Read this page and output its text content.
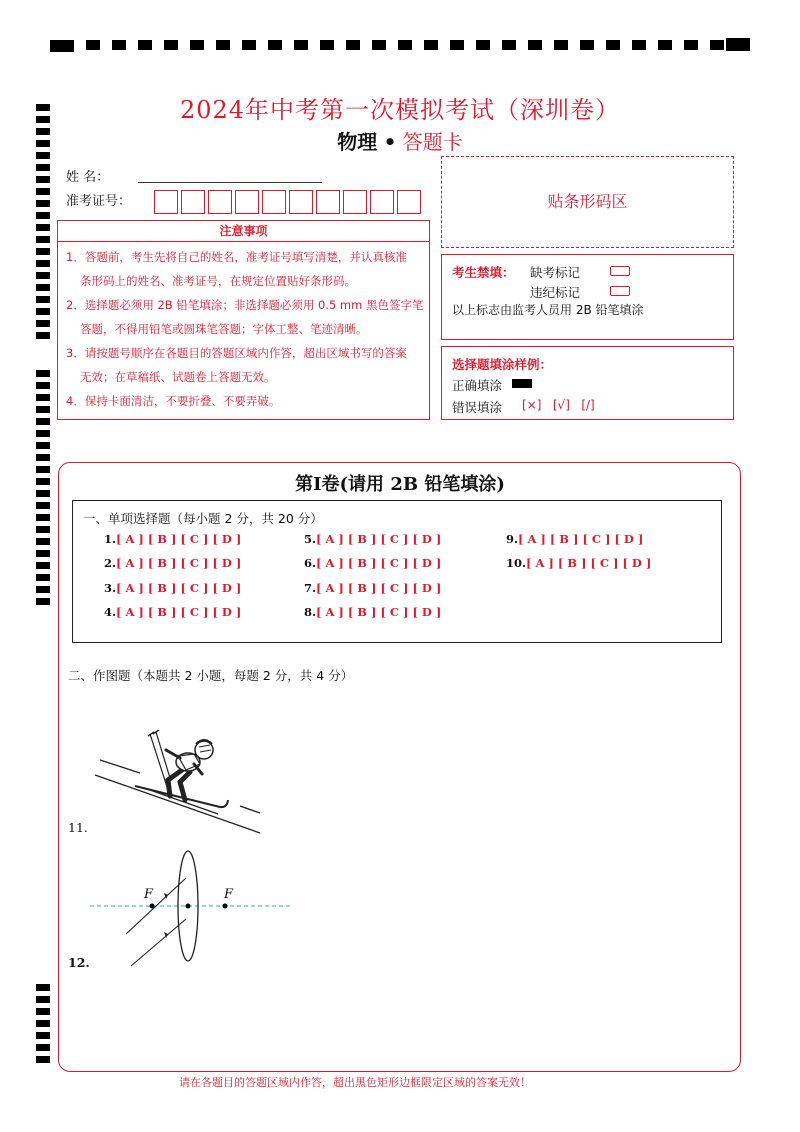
2024年中考第一次模拟考试（深圳卷）
物理 • 答题卡
姓 名：
准考证号：	贴条形码区
注意事项

1．答题前，考生先将自己的姓名，准考证号填写清楚，并认真核准

条形码上的姓名、准考证号，在规定位置贴好条形码。

2．选择题必须用 2B 铅笔填涂；非选择题必须用 0.5 mm 黑色签字笔

答题，不得用铅笔或圆珠笔答题；字体工整、笔迹清晰。

3．请按题号顺序在各题目的答题区域内作答，超出区域书写的答案

无效；在草稿纸、试题卷上答题无效。

4．保持卡面清洁，不要折叠、不要弄破。

考生禁填： 缺考标记
违纪标记
以上标志由监考人员用 2B 铅笔填涂
选择题填涂样例：
正确填涂
错误填涂 [×]   [√]   [/]
第Ⅰ卷(请用 2B 铅笔填涂)
一、单项选择题（每小题 2 分，共 20 分）
1.[ A ] [ B ] [ C ] [ D ]
2.[ A ] [ B ] [ C ] [ D ]
3.[ A ] [ B ] [ C ] [ D ]
4.[ A ] [ B ] [ C ] [ D ]
5.[ A ] [ B ] [ C ] [ D ]
6.[ A ] [ B ] [ C ] [ D ]
7.[ A ] [ B ] [ C ] [ D ]
8.[ A ] [ B ] [ C ] [ D ]
9.[ A ] [ B ] [ C ] [ D ]
10.[ A ] [ B ] [ C ] [ D ]
二、作图题（本题共 2 小题，每题 2 分，共 4 分）
11.
F	F
12.
请在各题目的答题区域内作答，超出黑色矩形边框限定区域的答案无效！
